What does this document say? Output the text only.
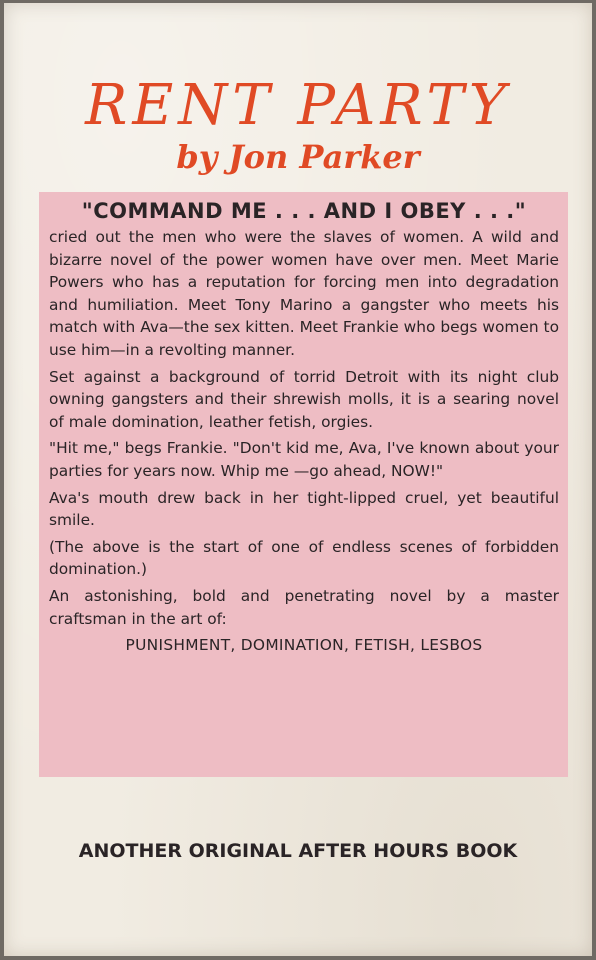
RENT PARTY
by Jon Parker
"COMMAND ME . . . AND I OBEY . . ."

cried out the men who were the slaves of women. A wild and bizarre novel of the power women have over men. Meet Marie Powers who has a reputation for forcing men into degradation and humiliation. Meet Tony Marino a gangster who meets his match with Ava—the sex kitten. Meet Frankie who begs women to use him—in a revolting manner.

Set against a background of torrid Detroit with its night club owning gangsters and their shrewish molls, it is a searing novel of male domination, leather fetish, orgies.

"Hit me," begs Frankie. "Don't kid me, Ava, I've known about your parties for years now. Whip me —go ahead, NOW!"

Ava's mouth drew back in her tight-lipped cruel, yet beautiful smile.

(The above is the start of one of endless scenes of forbidden domination.)

An astonishing, bold and penetrating novel by a master craftsman in the art of:

PUNISHMENT, DOMINATION, FETISH, LESBOS
ANOTHER ORIGINAL AFTER HOURS BOOK
